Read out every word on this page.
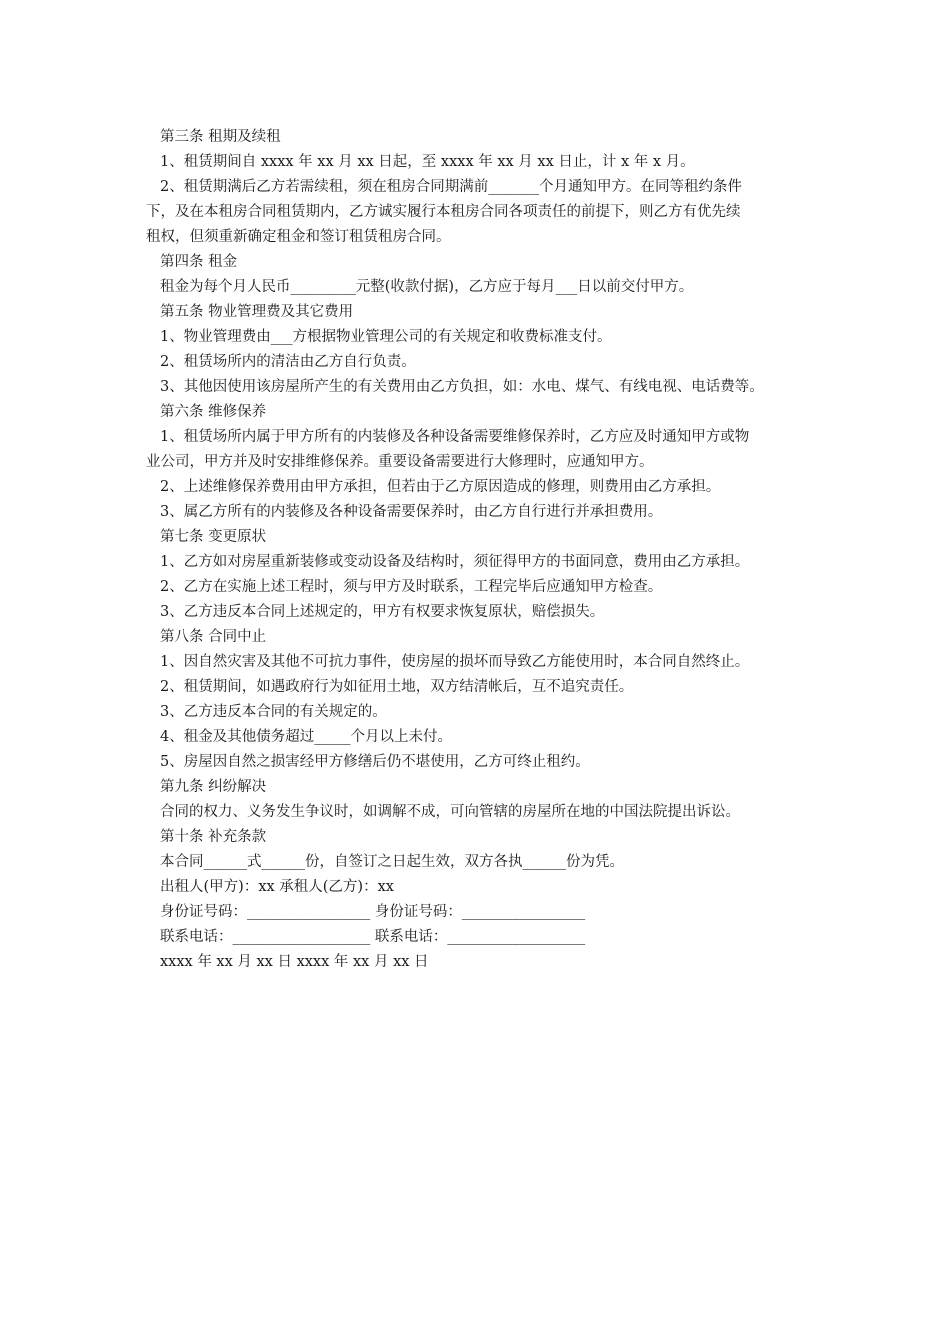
第三条 租期及续租
1、租赁期间自 xxxx 年 xx 月 xx 日起，至 xxxx 年 xx 月 xx 日止，计 x 年 x 月。
2、租赁期满后乙方若需续租，须在租房合同期满前_______个月通知甲方。在同等租约条件
下，及在本租房合同租赁期内，乙方诚实履行本租房合同各项责任的前提下，则乙方有优先续
租权，但须重新确定租金和签订租赁租房合同。
第四条 租金
租金为每个月人民币_________元整(收款付据)，乙方应于每月___日以前交付甲方。
第五条 物业管理费及其它费用
1、物业管理费由___方根据物业管理公司的有关规定和收费标准支付。
2、租赁场所内的清洁由乙方自行负责。
3、其他因使用该房屋所产生的有关费用由乙方负担，如：水电、煤气、有线电视、电话费等。
第六条 维修保养
1、租赁场所内属于甲方所有的内装修及各种设备需要维修保养时，乙方应及时通知甲方或物
业公司，甲方并及时安排维修保养。重要设备需要进行大修理时，应通知甲方。
2、上述维修保养费用由甲方承担，但若由于乙方原因造成的修理，则费用由乙方承担。
3、属乙方所有的内装修及各种设备需要保养时，由乙方自行进行并承担费用。
第七条 变更原状
1、乙方如对房屋重新装修或变动设备及结构时，须征得甲方的书面同意，费用由乙方承担。
2、乙方在实施上述工程时，须与甲方及时联系，工程完毕后应通知甲方检查。
3、乙方违反本合同上述规定的，甲方有权要求恢复原状，赔偿损失。
第八条 合同中止
1、因自然灾害及其他不可抗力事件，使房屋的损坏而导致乙方能使用时，本合同自然终止。
2、租赁期间，如遇政府行为如征用土地，双方结清帐后，互不追究责任。
3、乙方违反本合同的有关规定的。
4、租金及其他债务超过_____个月以上未付。
5、房屋因自然之损害经甲方修缮后仍不堪使用，乙方可终止租约。
第九条 纠纷解决
合同的权力、义务发生争议时，如调解不成，可向管辖的房屋所在地的中国法院提出诉讼。
第十条 补充条款
本合同______式______份，自签订之日起生效，双方各执______份为凭。
出租人(甲方)：xx 承租人(乙方)：xx
身份证号码：_________________ 身份证号码：_________________
联系电话：___________________ 联系电话：___________________
xxxx 年 xx 月 xx 日 xxxx 年 xx 月 xx 日
